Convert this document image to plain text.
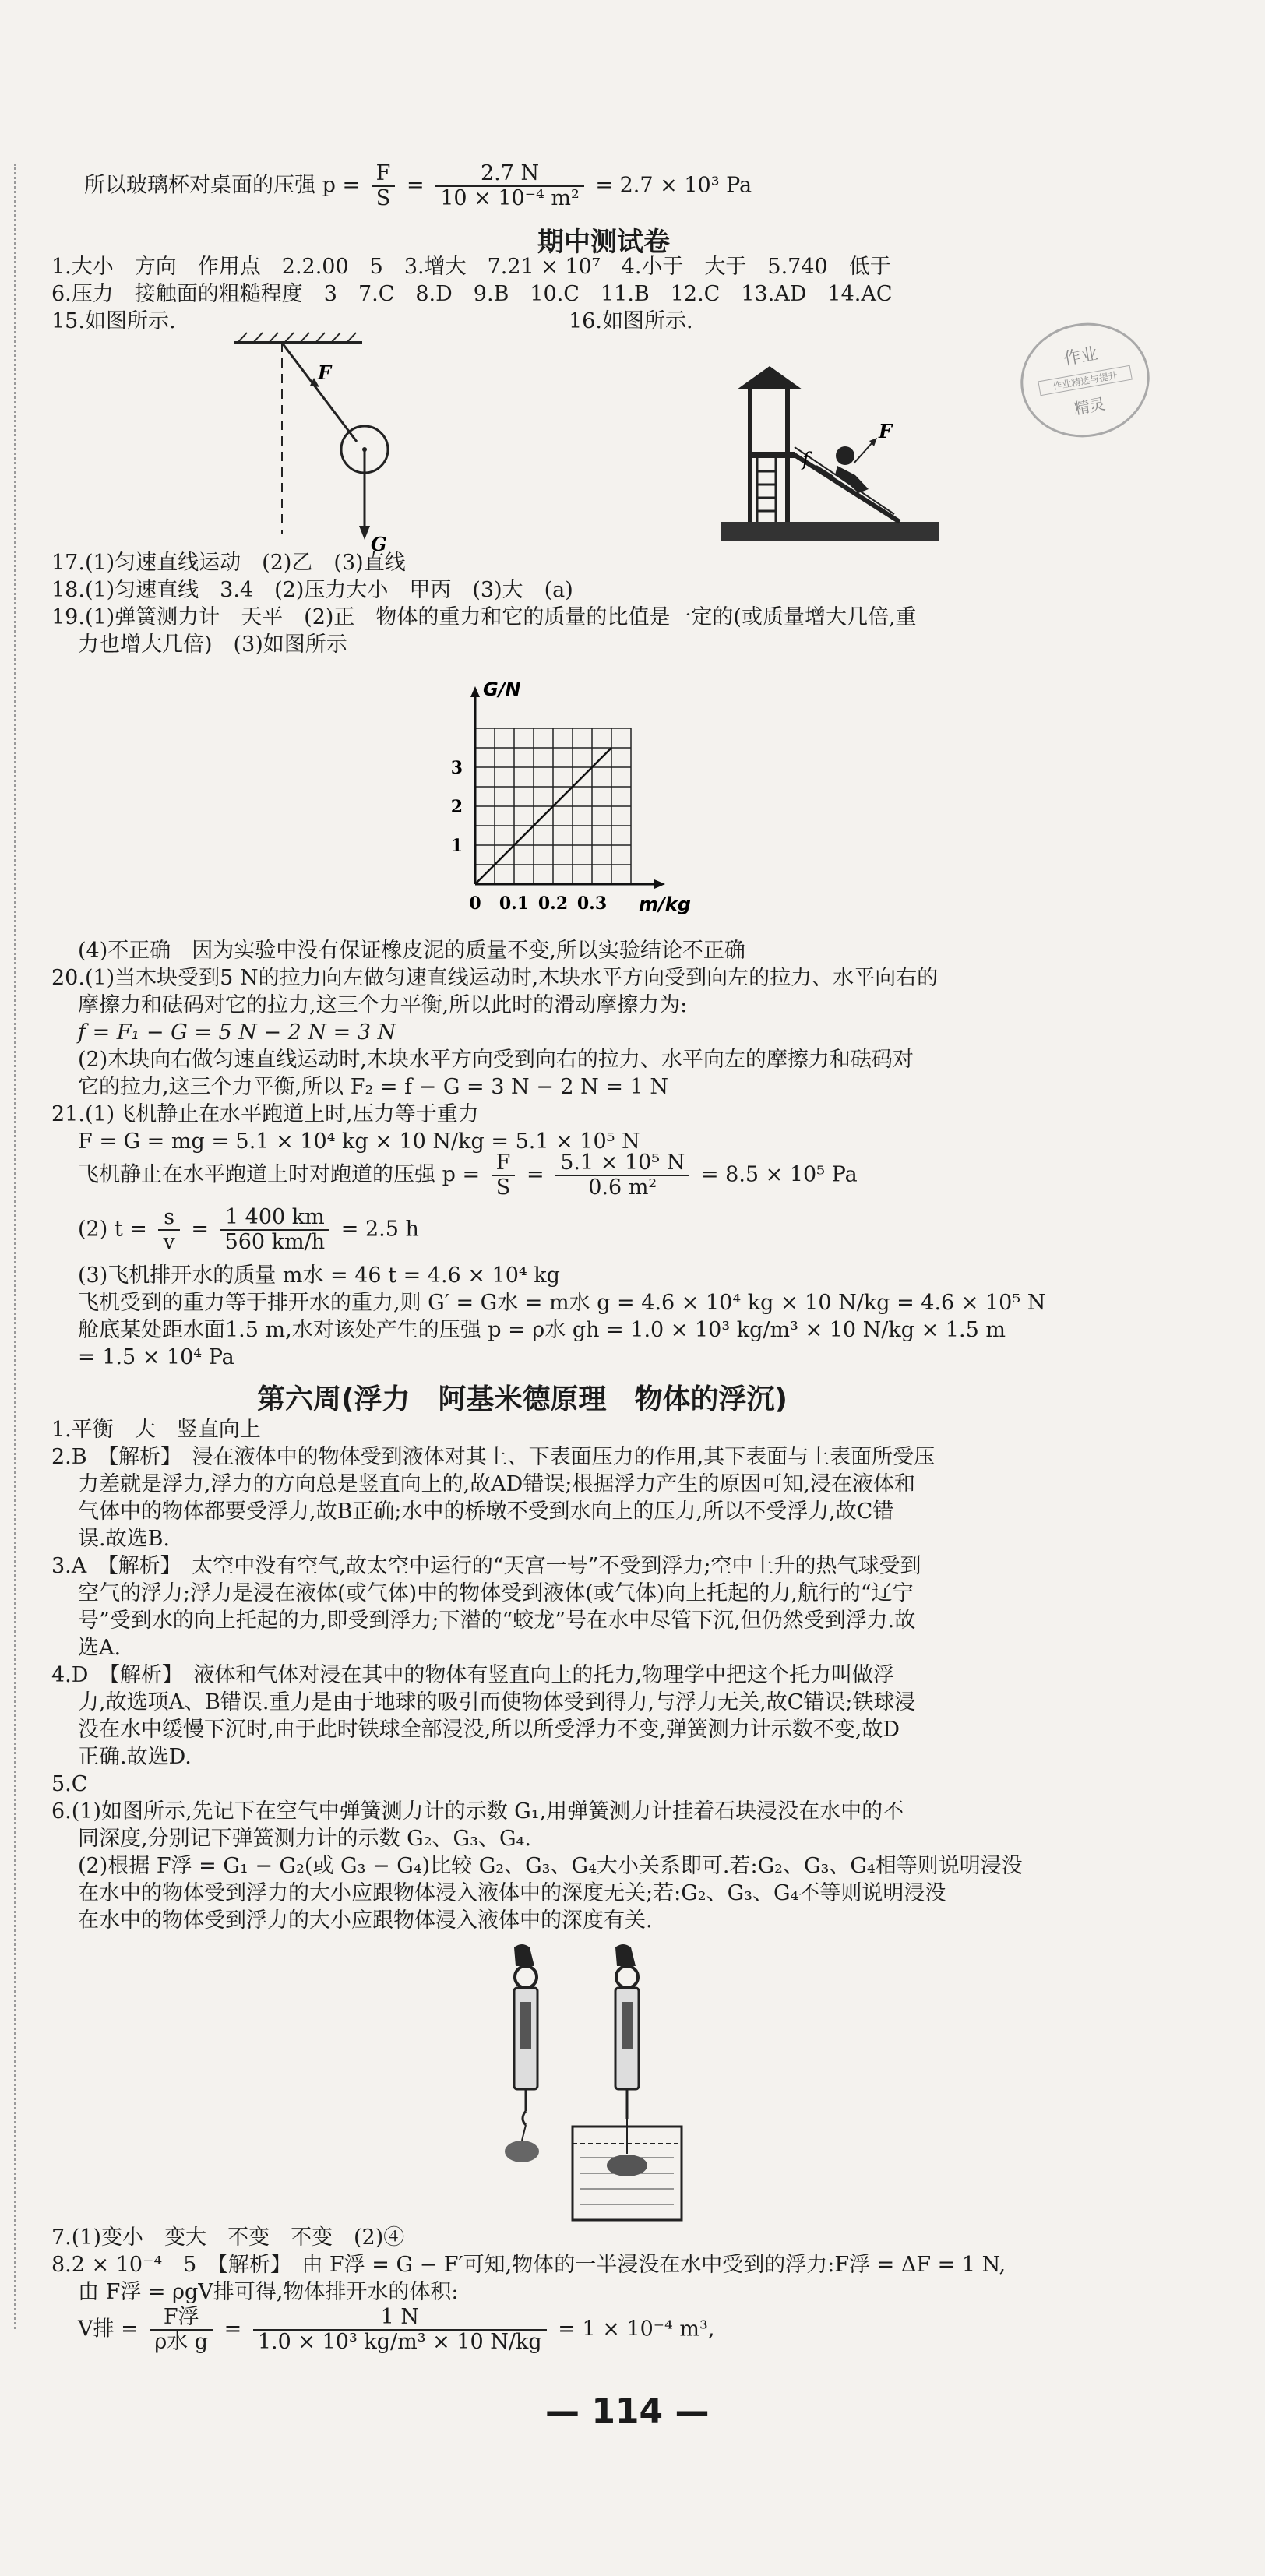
作业
作业精选与提升
精灵
所以玻璃杯对桌面的压强 $p = \frac{F}{S} = \frac{2.7 N}{\text{10 × 10⁻⁴ m²}} = 2.7 \times 10^3$ Pa
期中测试卷
1.大小　方向　作用点　2.2.00　5　3.增大　7.21 × 10⁷　4.小于　大于　5.740　低于
6.压力　接触面的粗糙程度　3　7.C　8.D　9.B　10.C　11.B　12.C　13.AD　14.AC
15.如图所示.	16.如图所示.
F
G
F
f
17.(1)匀速直线运动　(2)乙　(3)直线
18.(1)匀速直线　3.4　(2)压力大小　甲丙　(3)大　(a)
19.(1)弹簧测力计　天平　(2)正　物体的重力和它的质量的比值是一定的(或质量增大几倍,重
力也增大几倍)　(3)如图所示
0 0.1 0.2 0.3
1
2
3
G/N
m/kg
(4)不正确　因为实验中没有保证橡皮泥的质量不变,所以实验结论不正确
20.(1)当木块受到5 N的拉力向左做匀速直线运动时,木块水平方向受到向左的拉力、水平向右的
摩擦力和砝码对它的拉力,这三个力平衡,所以此时的滑动摩擦力为:
f = F₁ − G = 5 N − 2 N = 3 N
(2)木块向右做匀速直线运动时,木块水平方向受到向右的拉力、水平向左的摩擦力和砝码对
它的拉力,这三个力平衡,所以 F₂ = f − G = 3 N − 2 N = 1 N
21.(1)飞机静止在水平跑道上时,压力等于重力
F = G = mg = 5.1 × 10⁴ kg × 10 N/kg = 5.1 × 10⁵ N
飞机静止在水平跑道上时对跑道的压强 $p = \frac{F}{S} = \frac{\text{5.1 × 10⁵ N}}{\text{0.6 m²}} = 8.5 \times 10^5$ Pa
(2) $t = \frac{s}{v} = \frac{1 400 km}{560 km/h} = 2.5$ h
(3)飞机排开水的质量 m水 = 46 t = 4.6 × 10⁴ kg
飞机受到的重力等于排开水的重力,则 G′ = G水 = m水 g = 4.6 × 10⁴ kg × 10 N/kg = 4.6 × 10⁵ N
舱底某处距水面1.5 m,水对该处产生的压强 p = ρ水 gh = 1.0 × 10³ kg/m³ × 10 N/kg × 1.5 m
= 1.5 × 10⁴ Pa
第六周(浮力　阿基米德原理　物体的浮沉)
1.平衡　大　竖直向上
2.B　【解析】　浸在液体中的物体受到液体对其上、下表面压力的作用,其下表面与上表面所受压
力差就是浮力,浮力的方向总是竖直向上的,故AD错误;根据浮力产生的原因可知,浸在液体和
气体中的物体都要受浮力,故B正确;水中的桥墩不受到水向上的压力,所以不受浮力,故C错
误.故选B.
3.A　【解析】　太空中没有空气,故太空中运行的“天宫一号”不受到浮力;空中上升的热气球受到
空气的浮力;浮力是浸在液体(或气体)中的物体受到液体(或气体)向上托起的力,航行的“辽宁
号”受到水的向上托起的力,即受到浮力;下潜的“蛟龙”号在水中尽管下沉,但仍然受到浮力.故
选A.
4.D　【解析】　液体和气体对浸在其中的物体有竖直向上的托力,物理学中把这个托力叫做浮
力,故选项A、B错误.重力是由于地球的吸引而使物体受到得力,与浮力无关,故C错误;铁球浸
没在水中缓慢下沉时,由于此时铁球全部浸没,所以所受浮力不变,弹簧测力计示数不变,故D
正确.故选D.
5.C
6.(1)如图所示,先记下在空气中弹簧测力计的示数 G₁,用弹簧测力计挂着石块浸没在水中的不
同深度,分别记下弹簧测力计的示数 G₂、G₃、G₄.
(2)根据 F浮 = G₁ − G₂(或 G₃ − G₄)比较 G₂、G₃、G₄大小关系即可.若:G₂、G₃、G₄相等则说明浸没
在水中的物体受到浮力的大小应跟物体浸入液体中的深度无关;若:G₂、G₃、G₄不等则说明浸没
在水中的物体受到浮力的大小应跟物体浸入液体中的深度有关.
7.(1)变小　变大　不变　不变　(2)④
8.2 × 10⁻⁴　5　【解析】　由 F浮 = G − F′可知,物体的一半浸没在水中受到的浮力:F浮 = ΔF = 1 N,
由 F浮 = ρgV排可得,物体排开水的体积:
V排 = $\frac{\text{F浮}}{\text{ρ水 g}} = \frac{1 N}{\text{1.0 × 10³ kg/m³ × 10 N/kg}} = 1 \times 10^{-4}$ m³,
— 114 —
